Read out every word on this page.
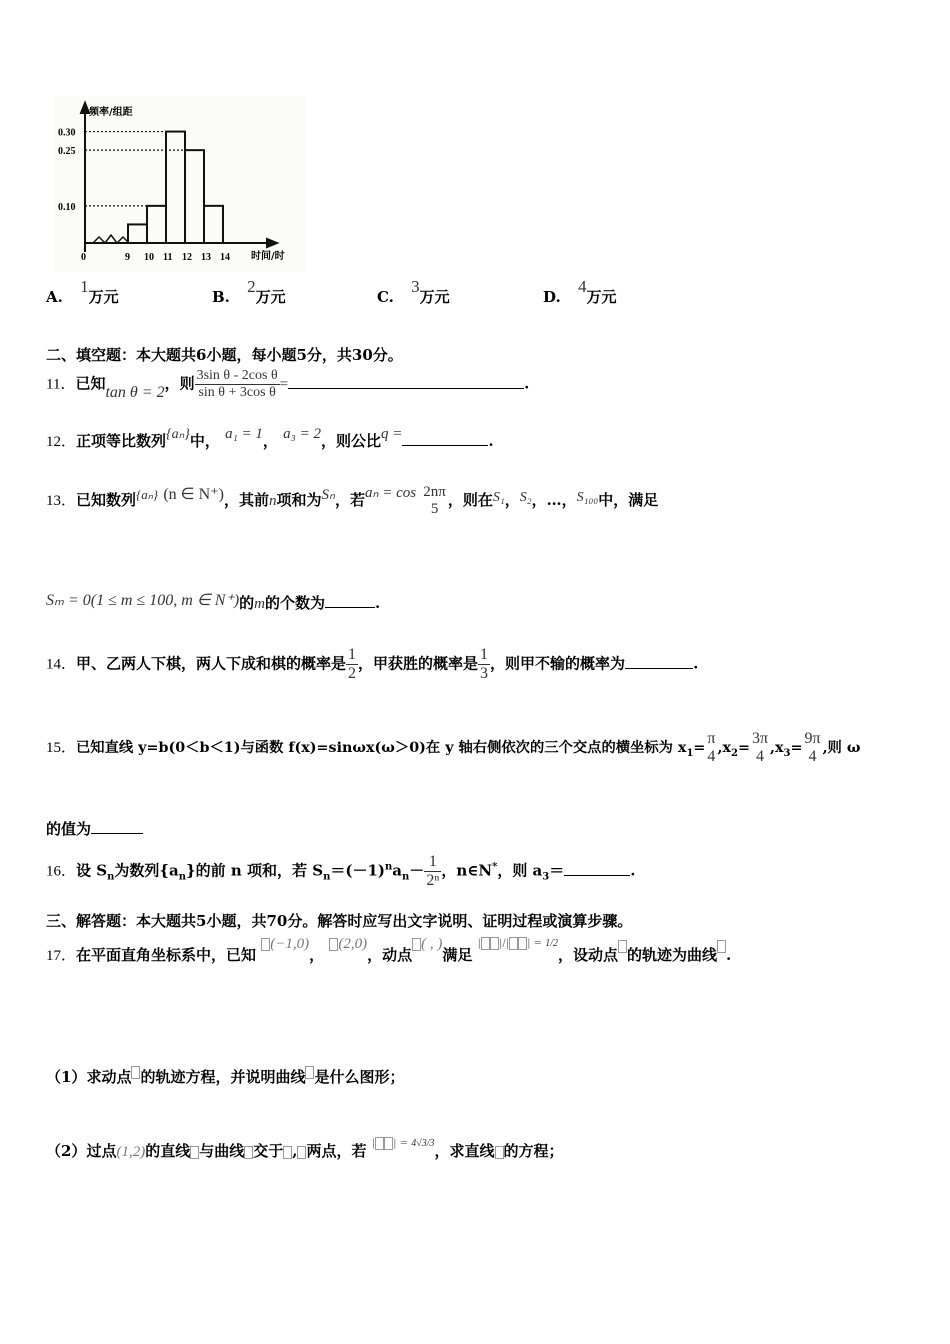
频率/组距
时间/时
0.10
0.25
0.30
0	9 10 11 12 13 14
A. 1万元	B. 2万元	C. 3万元	D. 4万元
二、填空题：本大题共6小题，每小题5分，共30分。
11．已知tan θ = 2，则 $\frac{\text{3sin θ - 2cos θ}}{\text{sin θ + 3cos θ}}$ =	.
12．正项等比数列{aₙ}中， a₁ = 1， a₃ = 2，则公比q =	.
13．已知数列{aₙ} (n ∈ N⁺)，其前n项和为Sₙ，若aₙ = cos 2nπ
5 ，则在S₁，S₂，…，S₁₀₀中，满足
Sₘ = 0(1 ≤ m ≤ 100, m ∈ N⁺)的m的个数为	.
14．甲、乙两人下棋，两人下成和棋的概率是 $\frac{1}{2}$ ，甲获胜的概率是 $\frac{1}{3}$ ，则甲不输的概率为	.
15．已知直线 y=b(0＜b＜1)与函数 f(x)=sinωx(ω＞0)在 y 轴右侧依次的三个交点的横坐标为 $x_1=$
π
4 $,x_2=$
3π
4 $,x_3=$
9π
4 ,则 ω
的值为
16．设 $S_n$为数列$\{a_n\}$的前 n 项和，若 $S_n=(-1)^na_n- \frac{1}{\text{2ⁿ}}$ ，n∈N*，则 $a_3=$	.
三、解答题：本大题共5小题，共70分。解答时应写出文字说明、证明过程或演算步骤。
17．在平面直角坐标系中，已知 (−1,0)， (2,0)，动点( , )满足 | |/| | = 1/2，设动点 的轨迹为曲线 .
（1）求动点 的轨迹方程，并说明曲线 是什么图形；
（2）过点(1,2)的直线 与曲线 交于 , 两点，若 | | = 4√3/3，求直线 的方程；
